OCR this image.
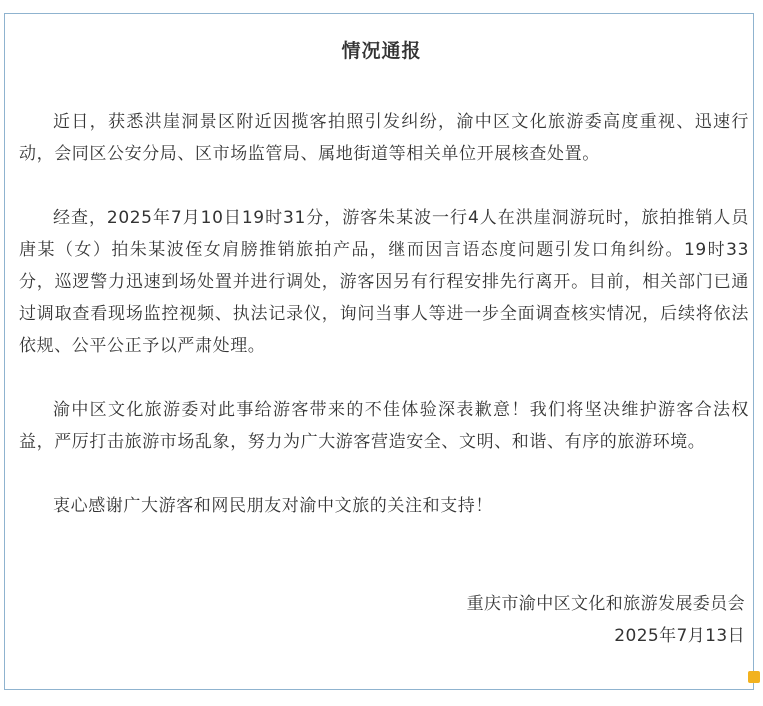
情况通报

近日，获悉洪崖洞景区附近因揽客拍照引发纠纷，渝中区文化旅游委高度重视、迅速行动，会同区公安分局、区市场监管局、属地街道等相关单位开展核查处置。

经查，2025年7月10日19时31分，游客朱某波一行4人在洪崖洞游玩时，旅拍推销人员唐某（女）拍朱某波侄女肩膀推销旅拍产品，继而因言语态度问题引发口角纠纷。19时33分，巡逻警力迅速到场处置并进行调处，游客因另有行程安排先行离开。目前，相关部门已通过调取查看现场监控视频、执法记录仪，询问当事人等进一步全面调查核实情况，后续将依法依规、公平公正予以严肃处理。

渝中区文化旅游委对此事给游客带来的不佳体验深表歉意！我们将坚决维护游客合法权益，严厉打击旅游市场乱象，努力为广大游客营造安全、文明、和谐、有序的旅游环境。

衷心感谢广大游客和网民朋友对渝中文旅的关注和支持！

重庆市渝中区文化和旅游发展委员会
2025年7月13日
